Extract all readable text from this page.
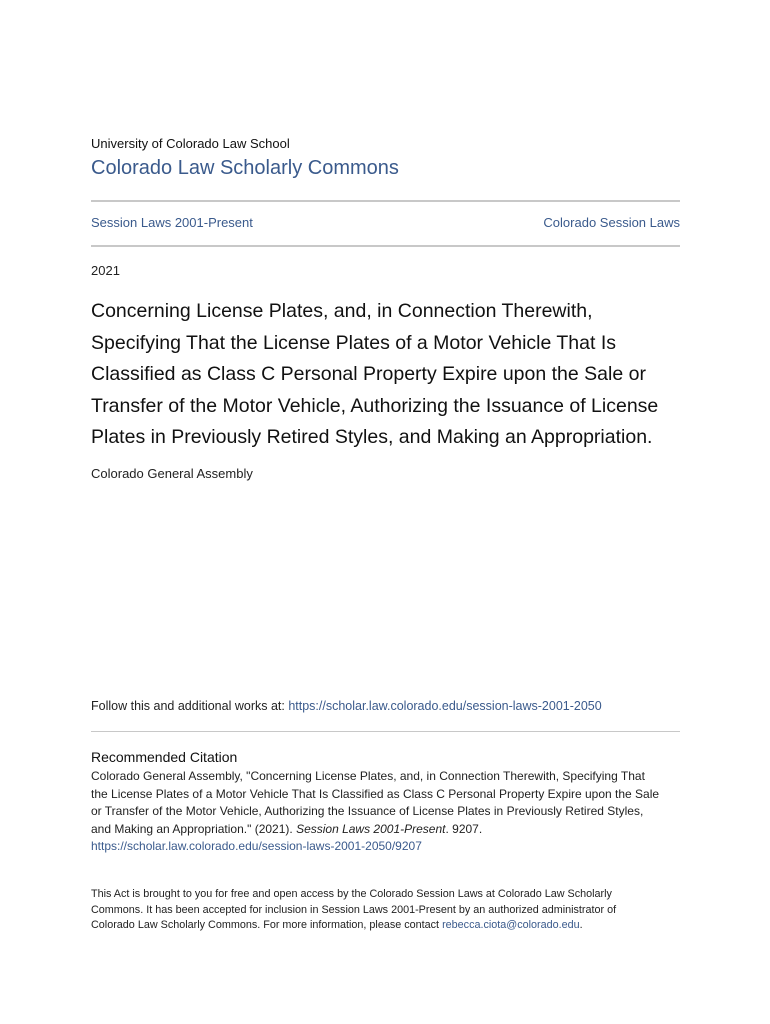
University of Colorado Law School
Colorado Law Scholarly Commons
Session Laws 2001-Present	Colorado Session Laws
2021
Concerning License Plates, and, in Connection Therewith,
Specifying That the License Plates of a Motor Vehicle That Is
Classified as Class C Personal Property Expire upon the Sale or
Transfer of the Motor Vehicle, Authorizing the Issuance of License
Plates in Previously Retired Styles, and Making an Appropriation.
Colorado General Assembly
Follow this and additional works at: https://scholar.law.colorado.edu/session-laws-2001-2050
Recommended Citation
Colorado General Assembly, "Concerning License Plates, and, in Connection Therewith, Specifying That
the License Plates of a Motor Vehicle That Is Classified as Class C Personal Property Expire upon the Sale
or Transfer of the Motor Vehicle, Authorizing the Issuance of License Plates in Previously Retired Styles,
and Making an Appropriation." (2021). Session Laws 2001-Present. 9207.
https://scholar.law.colorado.edu/session-laws-2001-2050/9207
This Act is brought to you for free and open access by the Colorado Session Laws at Colorado Law Scholarly
Commons. It has been accepted for inclusion in Session Laws 2001-Present by an authorized administrator of
Colorado Law Scholarly Commons. For more information, please contact rebecca.ciota@colorado.edu.
